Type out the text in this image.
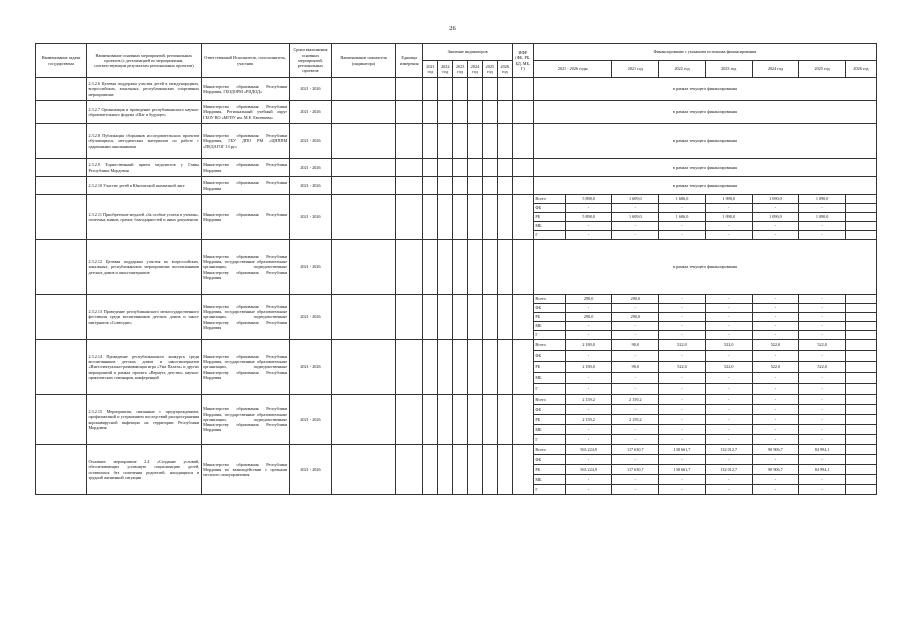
26
Наименование задачи государственн	Наименование основных мероприятий, региональных проектов (с детализацией по мероприятиям, соответствующим результатам региональных проектов)	Ответственный Исполнитель, соисполнитель, участник	Сроки выполнения основных мероприятий, региональных проектов	Наименование показателя (индикатора)	Единица измерения	Значение индикаторов						ИФР (ФБ, РБ, БД, МБ, Г)	Финансирование с указанием источника финансирования							
						2021 год	2022 год	2023 год	2024 год	2025 год	2026 год		2021 - 2026 годы		2021 год	2022 год	2023 год	2024 год	2025 год	2026 год
	2.3.2.6 Целевая поддержка участия детей в международных, всероссийских, зональных, республиканских спортивных мероприятиях	Министерство образования Республики Мордовия, ГБОДОРМ «РЦДОД»	2021 - 2026										в рамках текущего финансирования							
	2.3.2.7 Организация и проведение республиканского научно-образовательного форума «Шаг в будущее»	Министерство образования Республики Мордовия, Региональный учебный округ ГБОУ ВО «МГПУ им. М.Е. Евсевьева»	2021 - 2026										в рамках текущего финансирования							
	2.3.2.8 Публикация сборников исследовательских проектов обучающихся, методических материалов по работе с одаренными школьниками	Министерство образования Республики Мордовия, ГБУ ДПО РМ «ЦНППМ «ПЕДАГОГ 13.ру»	2021 - 2026										в рамках текущего финансирования							
	2.3.2.9 Торжественный прием медалистов у Главы Республики Мордовия	Министерство образования Республики Мордовия	2021 - 2026										в рамках текущего финансирования							
	2.3.2.10 Участие детей в Юношеской шахматной лиге	Министерство образования Республики Мордовия	2021 - 2026										в рамках текущего финансирования							
	2.3.2.11 Приобретение медалей «За особые успехи в учении», почетных знаков, грамот, благодарностей и иных документов	Министерство образования Республики Мордовия	2021 - 2026										Всего	5 898,0	1 609,0	1 606,0	1 090,0	1 090,0	1 090,0	
													ФБ	-	-	-	-	-	-	
													РБ	5 898,0	1 609,0	1 606,0	1 090,0	1 090,0	1 090,0	
													МБ	-	-	-	-	-	-	
													Г	-	-	-	-	-	-	
	2.3.2.12 Целевая поддержка участия во всероссийских, зональных, республиканских мероприятиях воспитанников детских домов и школ-интернатов	Министерство образования Республики Мордовия, государственные образовательные организации, подведомственные Министерству образования Республики Мордовия	2021 - 2026										в рамках текущего финансирования							
	2.3.2.13 Проведение республиканского межгосударственного фестиваля среди воспитанников детских домов и школ-интернатов «Созвездие»	Министерство образования Республики Мордовия, государственные образовательные организации, подведомственные Министерству образования Республики Мордовия	2021 - 2026										Всего	290,0	290,0	-	-	-	-	
													ФБ	-	-	-	-	-	-	
													РБ	290,0	290,0	-	-	-	-	
													МБ	-	-	-	-	-	-	
													Г	-	-	-	-	-	-	
	2.3.2.14 Проведение республиканского конкурса среди воспитанников детских домов и школ-интернатов «Интеллектуально-развивающая игра «Ума Палата» и других мероприятий в рамках проекта «Вернуть детство» научно-практических семинаров, конференций	Министерство образования Республики Мордовия, государственные образовательные организации, подведомственные Министерству образования Республики Мордовия	2021 - 2026										Всего	2 180,0	90,0	522,0	522,0	522,0	522,0	
													ФБ	-	-	-	-	-	-	
													РБ	2 180,0	90,0	522,0	522,0	522,0	522,0	
													МБ	-	-	-	-	-	-	
													Г	-	-	-	-	-	-	
	2.3.2.15 Мероприятия, связанные с предупреждением, профилактикой и устранением последствий распространения коронавирусной инфекции на территории Республики Мордовия	Министерство образования Республики Мордовия, государственные образовательные организации, подведомственные Министерству образования Республики Мордовия	2021 - 2026										Всего	2 159,2	2 159,2	-	-	-	-	
													ФБ	-	-	-	-	-	-	
													РБ	2 159,2	2 159,2	-	-	-	-	
													МБ	-	-	-	-	-	-	
													Г	-	-	-	-	-	-	
	Основное мероприятие 2.4 «Создание условий, обеспечивающих успешную социализацию детей, оставшихся без попечения родителей, находящихся в трудной жизненной ситуации	Министерство образования Республики Мордовия во взаимодействии с органами местного самоуправления	2021 - 2026										Всего	563 224,9	117 630,7	138 661,7	132 012,7	90 906,7	84 994,1	
													ФБ	-	-	-	-	-	-	
													РБ	563 224,9	117 630,7	138 661,7	132 012,7	90 906,7	84 994,1	
													МБ	-	-	-	-	-	-	
													Г	-	-	-	-	-	-	
